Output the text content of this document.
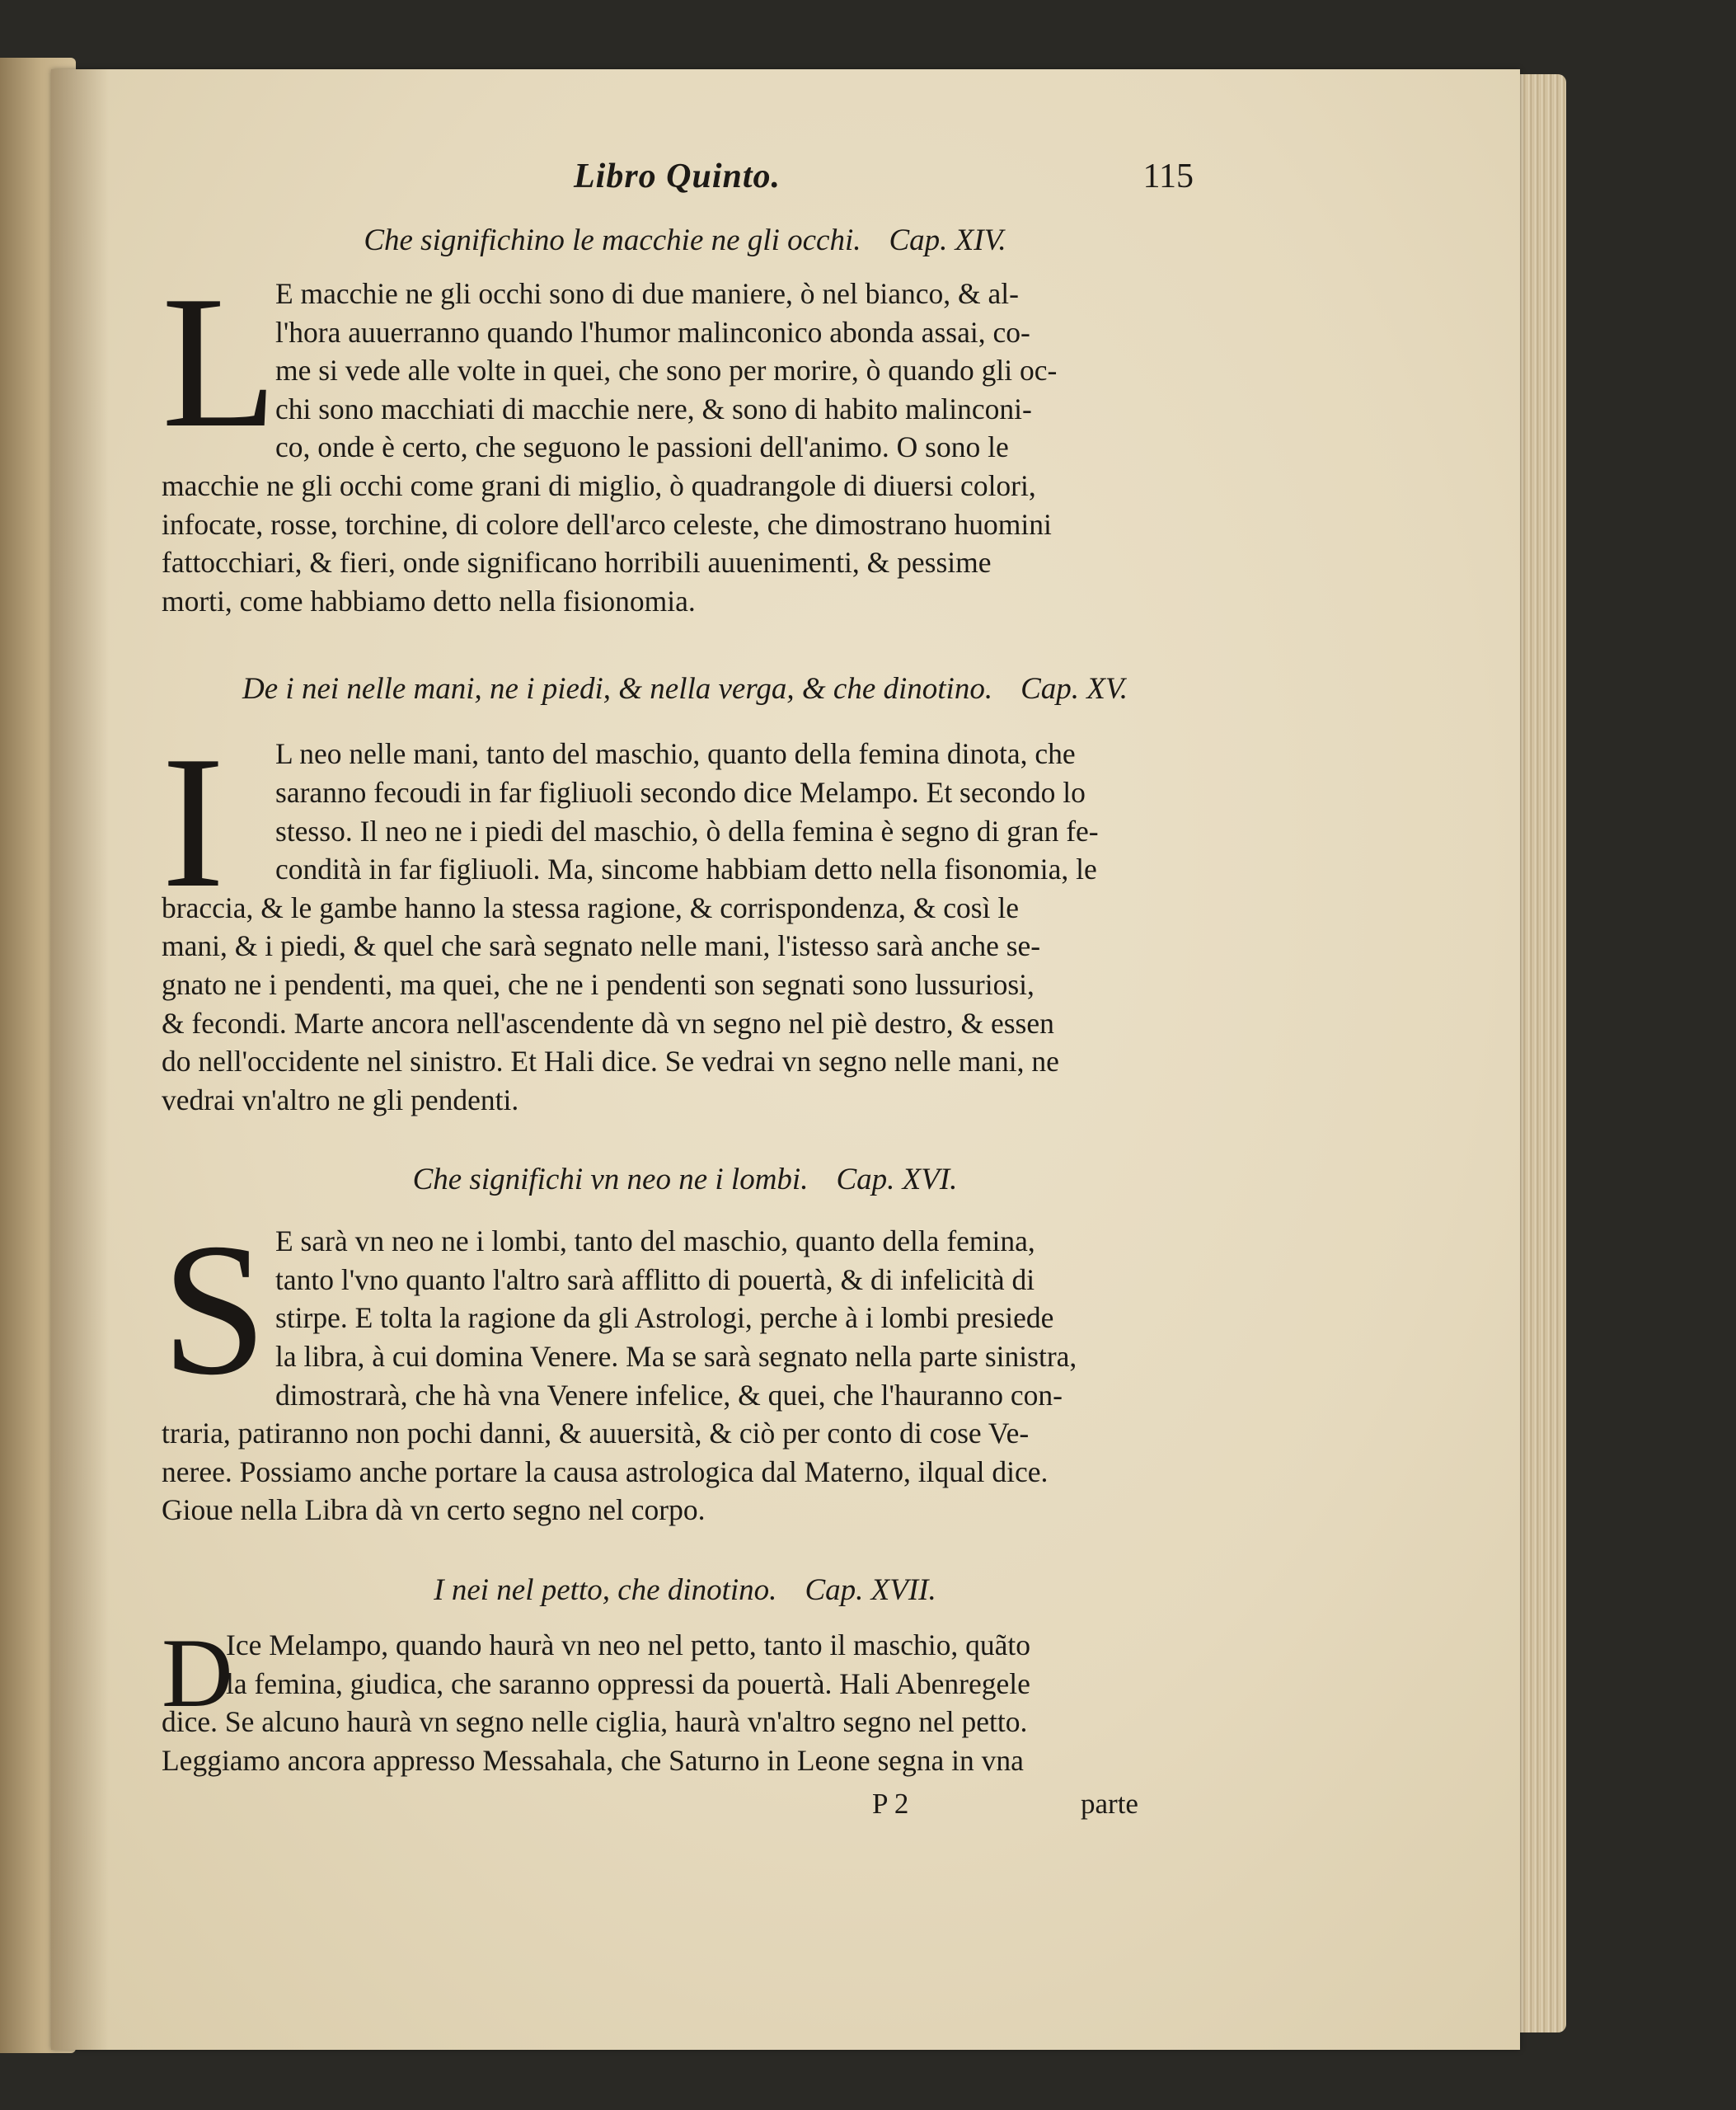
Libro Quinto.	115

Che significhino le macchie ne gli occhi. Cap. XIV.

L
E macchie ne gli occhi sono di due maniere, ò nel bianco, & al-
l'hora auuerranno quando l'humor malinconico abonda assai, co-
me si vede alle volte in quei, che sono per morire, ò quando gli oc-
chi sono macchiati di macchie nere, & sono di habito malinconi-
co, onde è certo, che seguono le passioni dell'animo. O sono le
macchie ne gli occhi come grani di miglio, ò quadrangole di diuersi colori,
infocate, rosse, torchine, di colore dell'arco celeste, che dimostrano huomini
fattocchiari, & fieri, onde significano horribili auuenimenti, & pessime
morti, come habbiamo detto nella fisionomia.

De i nei nelle mani, ne i piedi, & nella verga, & che dinotino. Cap. XV.

I	L neo nelle mani, tanto del maschio, quanto della femina dinota, che
saranno fecoudi in far figliuoli secondo dice Melampo. Et secondo lo
stesso. Il neo ne i piedi del maschio, ò della femina è segno di gran fe-
condità in far figliuoli. Ma, sincome habbiam detto nella fisonomia, le
braccia, & le gambe hanno la stessa ragione, & corrispondenza, & così le
mani, & i piedi, & quel che sarà segnato nelle mani, l'istesso sarà anche se-
gnato ne i pendenti, ma quei, che ne i pendenti son segnati sono lussuriosi,
& fecondi. Marte ancora nell'ascendente dà vn segno nel piè destro, & essen
do nell'occidente nel sinistro. Et Hali dice. Se vedrai vn segno nelle mani, ne
vedrai vn'altro ne gli pendenti.

Che significhi vn neo ne i lombi. Cap. XVI.

S E sarà vn neo ne i lombi, tanto del maschio, quanto della femina,
tanto l'vno quanto l'altro sarà afflitto di pouertà, & di infelicità di
stirpe. E tolta la ragione da gli Astrologi, perche à i lombi presiede
la libra, à cui domina Venere. Ma se sarà segnato nella parte sinistra,
dimostrarà, che hà vna Venere infelice, & quei, che l'hauranno con-
traria, patiranno non pochi danni, & auuersità, & ciò per conto di cose Ve-
neree. Possiamo anche portare la causa astrologica dal Materno, ilqual dice.
Gioue nella Libra dà vn certo segno nel corpo.

I nei nel petto, che dinotino. Cap. XVII.

D
Ice Melampo, quando haurà vn neo nel petto, tanto il maschio, quãto
la femina, giudica, che saranno oppressi da pouertà. Hali Abenregele
dice. Se alcuno haurà vn segno nelle ciglia, haurà vn'altro segno nel petto.
Leggiamo ancora appresso Messahala, che Saturno in Leone segna in vna
P 2	parte
